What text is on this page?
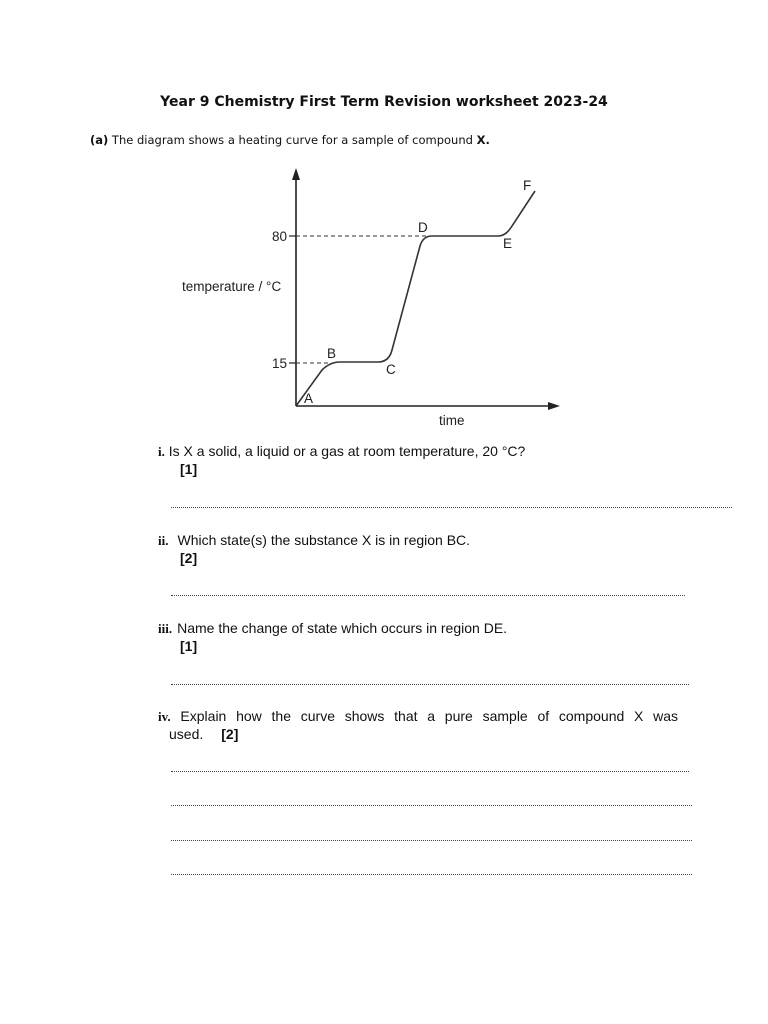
Year 9 Chemistry First Term Revision worksheet 2023-24
(a) The diagram shows a heating curve for a sample of compound X.
80
15
temperature / °C
time
A
B
C
D
E
F
i. Is X a solid, a liquid or a gas at room temperature, 20 °C?
[1]
ii. Which state(s) the substance X is in region BC.
[2]
iii. Name the change of state which occurs in region DE.
[1]
iv. Explain how the curve shows that a pure sample of compound X was
used. [2]
